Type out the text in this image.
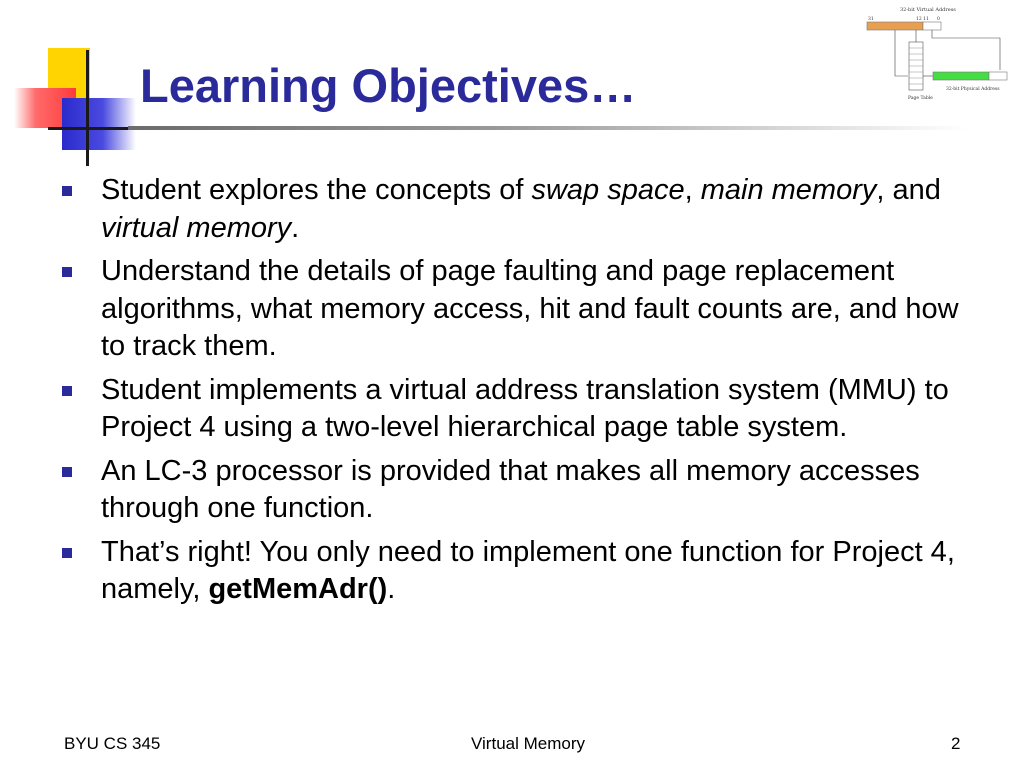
Learning Objectives…
32-bit Virtual Address
31	12 11 0
32-bit Physical Address
Page Table
Student explores the concepts of swap space, main memory, and virtual memory.
Understand the details of page faulting and page replacement algorithms, what memory access, hit and fault counts are, and how to track them.
Student implements a virtual address translation system (MMU) to Project 4 using a two-level hierarchical page table system.
An LC-3 processor is provided that makes all memory accesses through one function.
That’s right! You only need to implement one function for Project 4, namely, getMemAdr().
BYU CS 345	Virtual Memory	2
